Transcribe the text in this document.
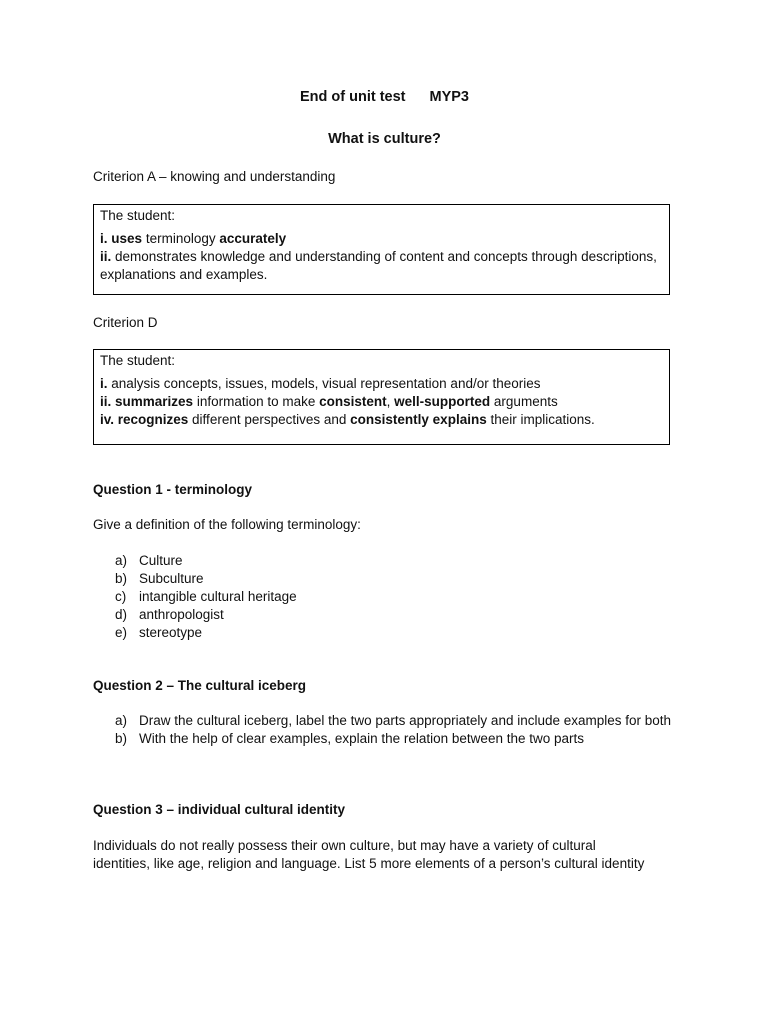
End of unit test MYP3
What is culture?
Criterion A – knowing and understanding
The student:
i. uses terminology accurately
ii. demonstrates knowledge and understanding of content and concepts through descriptions, explanations and examples.
Criterion D
The student:
i. analysis concepts, issues, models, visual representation and/or theories
ii. summarizes information to make consistent, well-supported arguments
iv. recognizes different perspectives and consistently explains their implications.
Question 1 - terminology
Give a definition of the following terminology:
a) Culture
b) Subculture
c) intangible cultural heritage
d) anthropologist
e) stereotype
Question 2 – The cultural iceberg
a) Draw the cultural iceberg, label the two parts appropriately and include examples for both
b) With the help of clear examples, explain the relation between the two parts
Question 3 – individual cultural identity
Individuals do not really possess their own culture, but may have a variety of cultural identities, like age, religion and language. List 5 more elements of a person’s cultural identity
